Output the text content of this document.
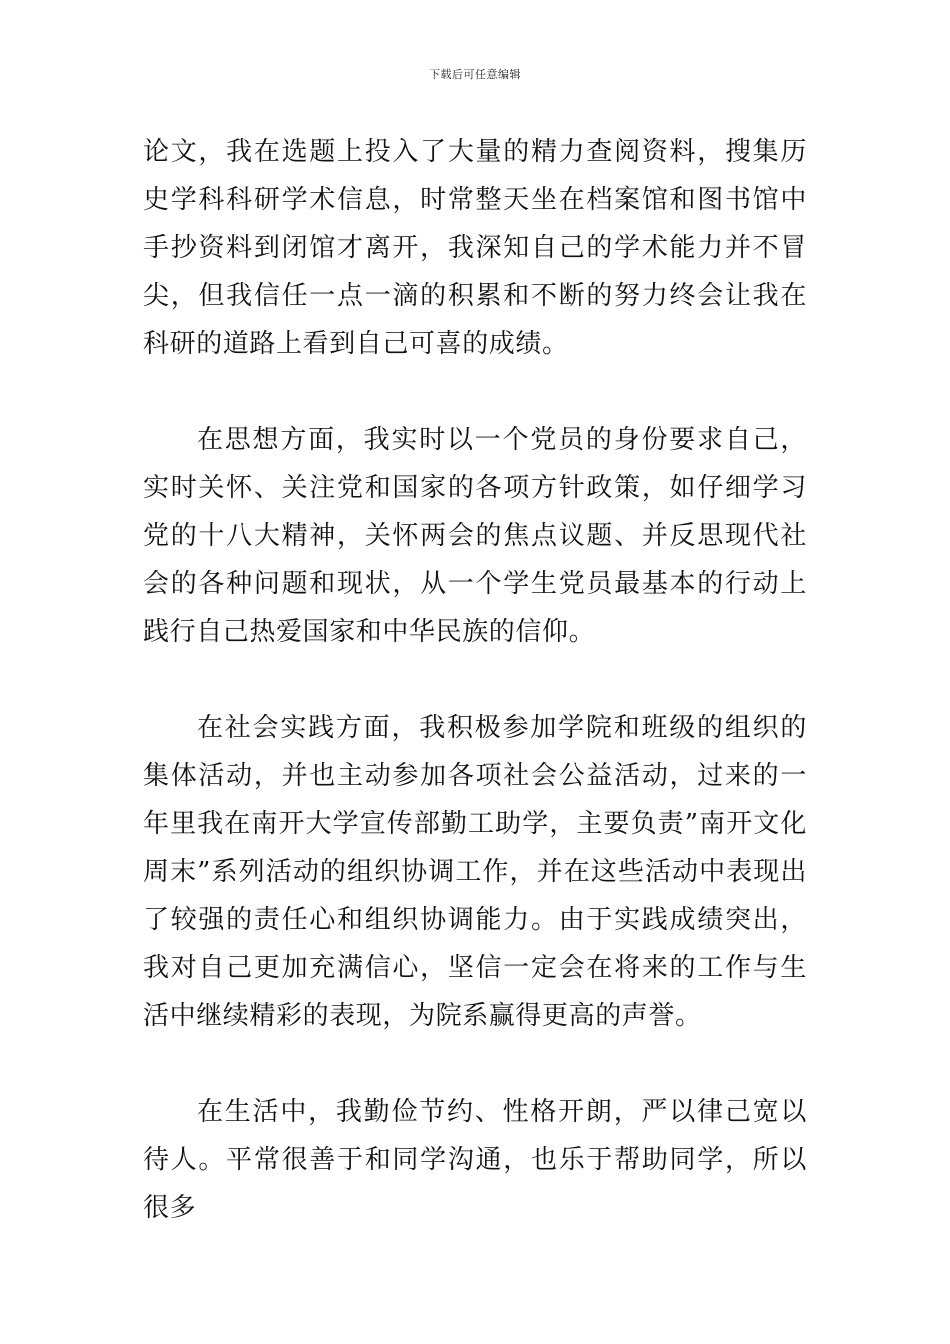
下载后可任意编辑

论文，我在选题上投入了大量的精力查阅资料，搜集历史学科科研学术信息，时常整天坐在档案馆和图书馆中手抄资料到闭馆才离开，我深知自己的学术能力并不冒尖，但我信任一点一滴的积累和不断的努力终会让我在科研的道路上看到自己可喜的成绩。

在思想方面，我实时以一个党员的身份要求自己，实时关怀、关注党和国家的各项方针政策，如仔细学习党的十八大精神，关怀两会的焦点议题、并反思现代社会的各种问题和现状，从一个学生党员最基本的行动上践行自己热爱国家和中华民族的信仰。

在社会实践方面，我积极参加学院和班级的组织的集体活动，并也主动参加各项社会公益活动，过来的一年里我在南开大学宣传部勤工助学，主要负责”南开文化周末”系列活动的组织协调工作，并在这些活动中表现出了较强的责任心和组织协调能力。由于实践成绩突出，我对自己更加充满信心，坚信一定会在将来的工作与生活中继续精彩的表现，为院系赢得更高的声誉。

在生活中，我勤俭节约、性格开朗，严以律己宽以待人。平常很善于和同学沟通，也乐于帮助同学，所以很多
